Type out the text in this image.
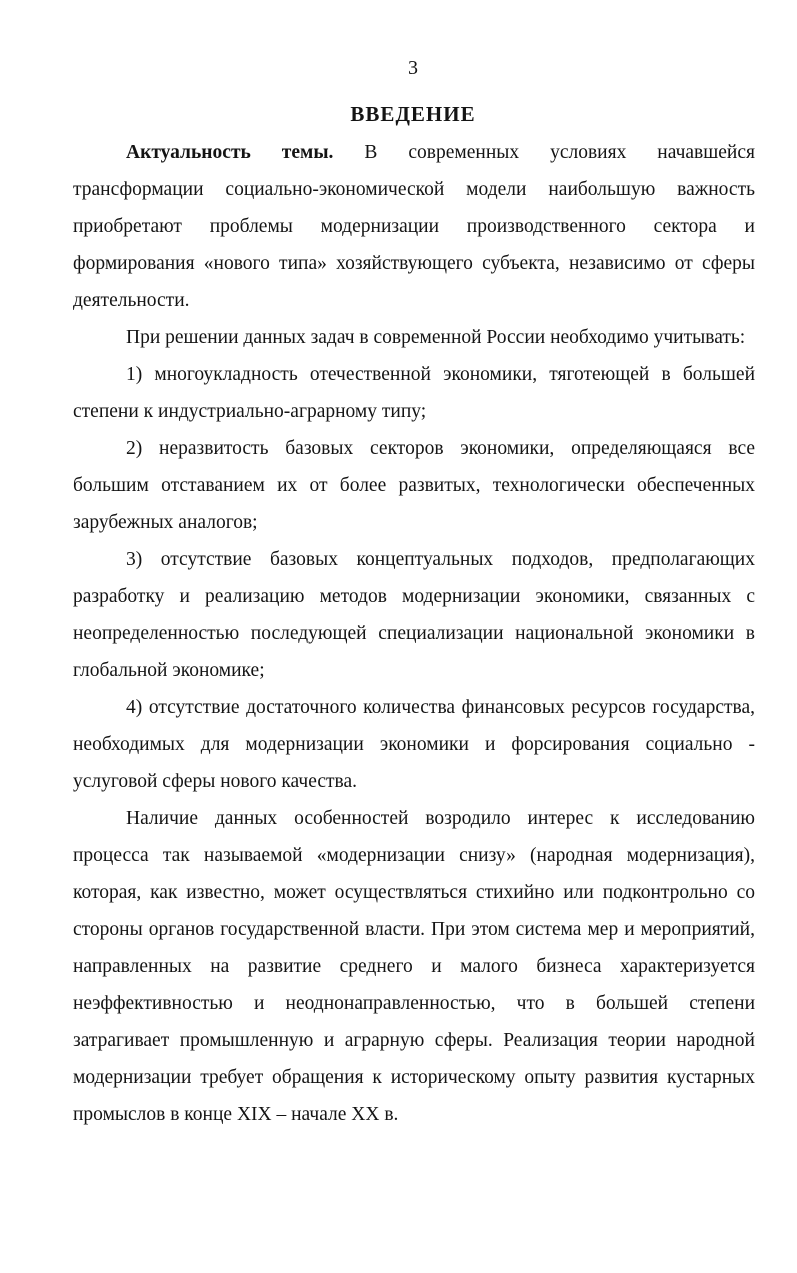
3
ВВЕДЕНИЕ

Актуальность темы. В современных условиях начавшейся трансформации социально-экономической модели наибольшую важность приобретают проблемы модернизации производственного сектора и формирования «нового типа» хозяйствующего субъекта, независимо от сферы деятельности.

При решении данных задач в современной России необходимо учитывать:

1) многоукладность отечественной экономики, тяготеющей в большей степени к индустриально-аграрному типу;

2) неразвитость базовых секторов экономики, определяющаяся все большим отставанием их от более развитых, технологически обеспеченных зарубежных аналогов;

3) отсутствие базовых концептуальных подходов, предполагающих разработку и реализацию методов модернизации экономики, связанных с неопределенностью последующей специализации национальной экономики в глобальной экономике;

4) отсутствие достаточного количества финансовых ресурсов государства, необходимых для модернизации экономики и форсирования социально - услуговой сферы нового качества.

Наличие данных особенностей возродило интерес к исследованию процесса так называемой «модернизации снизу» (народная модернизация), которая, как известно, может осуществляться стихийно или подконтрольно со стороны органов государственной власти. При этом система мер и мероприятий, направленных на развитие среднего и малого бизнеса характеризуется неэффективностью и неоднонаправленностью, что в большей степени затрагивает промышленную и аграрную сферы. Реализация теории народной модернизации требует обращения к историческому опыту развития кустарных промыслов в конце XIX – начале XX в.
